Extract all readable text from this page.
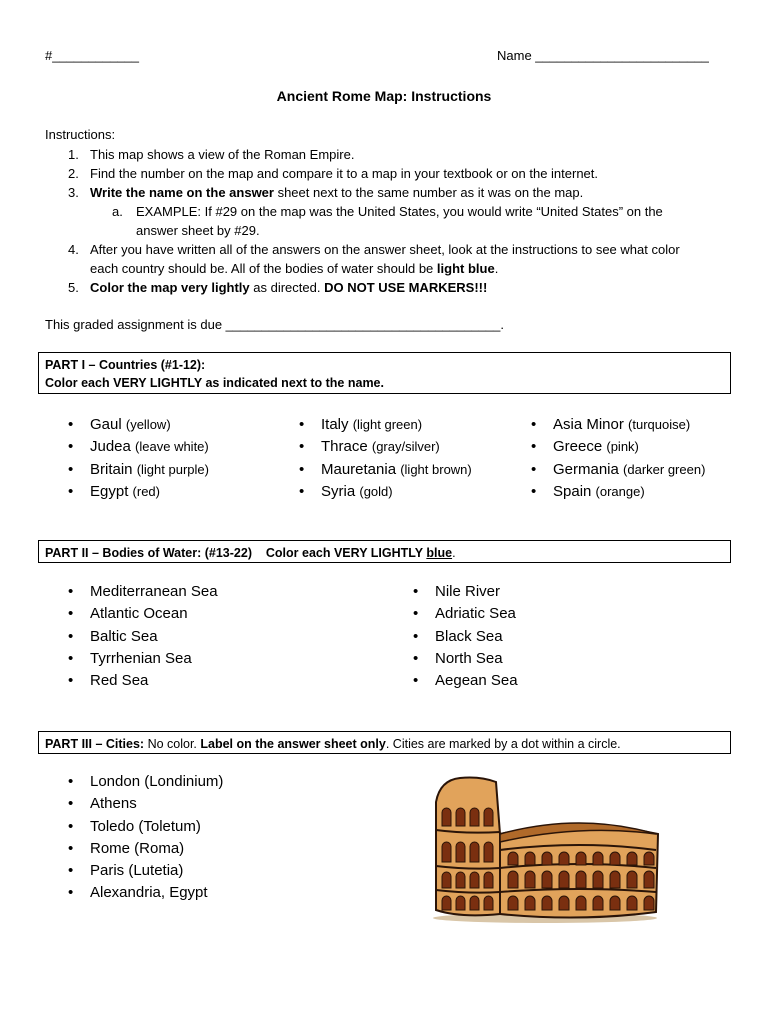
#____________	Name ________________________
Ancient Rome Map: Instructions
Instructions:
1. This map shows a view of the Roman Empire.
2. Find the number on the map and compare it to a map in your textbook or on the internet.
3. Write the name on the answer sheet next to the same number as it was on the map.
a.	EXAMPLE: If #29 on the map was the United States, you would write “United States” on the answer sheet by #29.
4. After you have written all of the answers on the answer sheet, look at the instructions to see what color each country should be. All of the bodies of water should be light blue.
5. Color the map very lightly as directed. DO NOT USE MARKERS!!!
This graded assignment is due ______________________________________.
PART I – Countries (#1-12):
Color each VERY LIGHTLY as indicated next to the name.
• Gaul (yellow)
• Judea (leave white)
• Britain (light purple)
• Egypt (red)
• Italy (light green)
• Thrace (gray/silver)
• Mauretania (light brown)
• Syria (gold)
• Asia Minor (turquoise)
• Greece (pink)
• Germania (darker green)
• Spain (orange)
PART II – Bodies of Water: (#13-22) Color each VERY LIGHTLY blue.
• Mediterranean Sea
• Atlantic Ocean
• Baltic Sea
• Tyrrhenian Sea
• Red Sea
• Nile River
• Adriatic Sea
• Black Sea
• North Sea
• Aegean Sea
PART III – Cities: No color. Label on the answer sheet only. Cities are marked by a dot within a circle.
• London (Londinium)
• Athens
• Toledo (Toletum)
• Rome (Roma)
• Paris (Lutetia)
• Alexandria, Egypt
